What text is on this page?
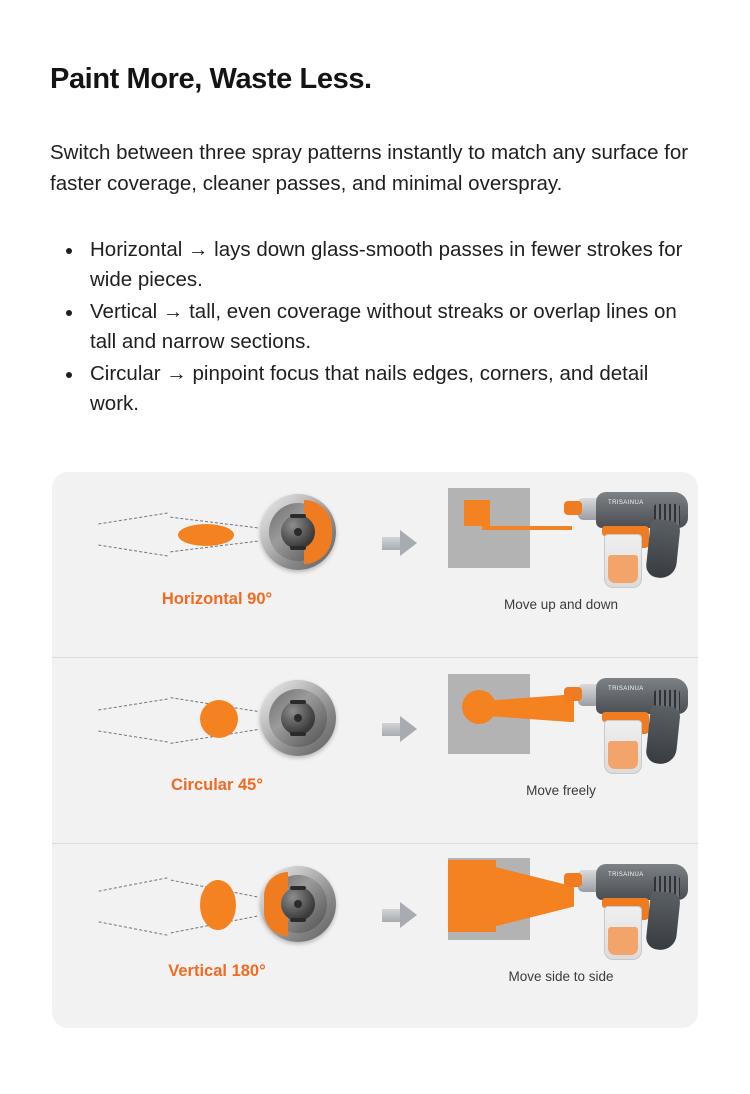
Paint More, Waste Less.

Switch between three spray patterns instantly to match any surface for faster coverage, cleaner passes, and minimal overspray.

• Horizontal → lays down glass-smooth passes in fewer strokes for wide pieces.
• Vertical → tall, even coverage without streaks or overlap lines on tall and narrow sections.
• Circular → pinpoint focus that nails edges, corners, and detail work.
Horizontal 90°
TRISAINUA
Move up and down
Circular 45°
TRISAINUA
Move freely
Vertical 180°
TRISAINUA
Move side to side
